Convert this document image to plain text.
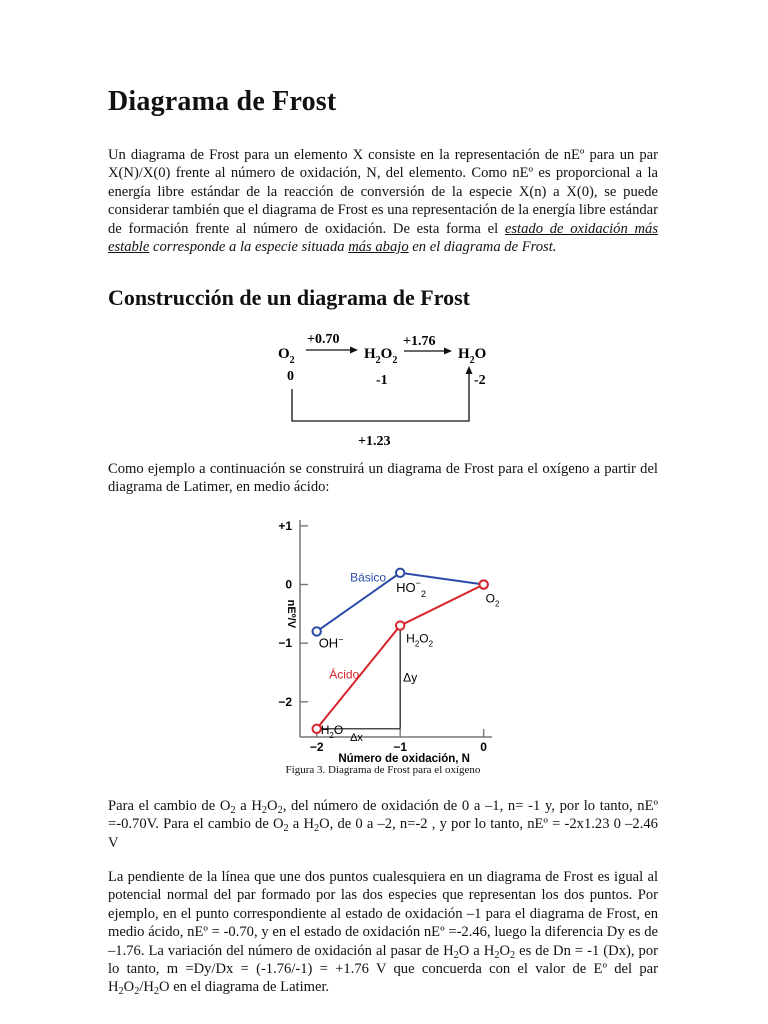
Diagrama de Frost

Un diagrama de Frost para un elemento X consiste en la representación de nEº para un par X(N)/X(0) frente al número de oxidación, N, del elemento. Como nEº es proporcional a la energía libre estándar de la reacción de conversión de la especie X(n) a X(0), se puede considerar también que el diagrama de Frost es una representación de la energía libre estándar de formación frente al número de oxidación. De esta forma el estado de oxidación más estable corresponde a la especie situada más abajo en el diagrama de Frost.

Construcción de un diagrama de Frost
$O_2$	$H_2O_2$	$H_2O$
0	-1	-2
+0.70	+1.76
+1.23

Como ejemplo a continuación se construirá un diagrama de Frost para el oxígeno a partir del diagrama de Latimer, en medio ácido:

+1
0
−1
−2
−2	−1	0
nEº/V
Número de oxidación, N
Básico
Ácido
OH−
$HO^-_2$	$O_2$
$H_2O_2$
$H_2O$
Δy
Δx

Figura 3. Diagrama de Frost para el oxígeno

Para el cambio de $O_2$ a $H_2O_2$, del número de oxidación de 0 a –1, n= -1 y, por lo tanto, nEº =-0.70V. Para el cambio de $O_2$ a $H_2O$, de 0 a –2, n=-2 , y por lo tanto, nEº = -2x1.23 0 –2.46 V

La pendiente de la línea que une dos puntos cualesquiera en un diagrama de Frost es igual al potencial normal del par formado por las dos especies que representan los dos puntos. Por ejemplo, en el punto correspondiente al estado de oxidación –1 para el diagrama de Frost, en medio ácido, nEº = -0.70, y en el estado de oxidación nEº =-2.46, luego la diferencia Dy es de –1.76. La variación del número de oxidación al pasar de $H_2O$ a $H_2O_2$ es de Dn = -1 (Dx), por lo tanto, m =Dy/Dx = (-1.76/-1) = +1.76 V que concuerda con el valor de Eº del par $H_2O_2/H_2O$ en el diagrama de Latimer.
